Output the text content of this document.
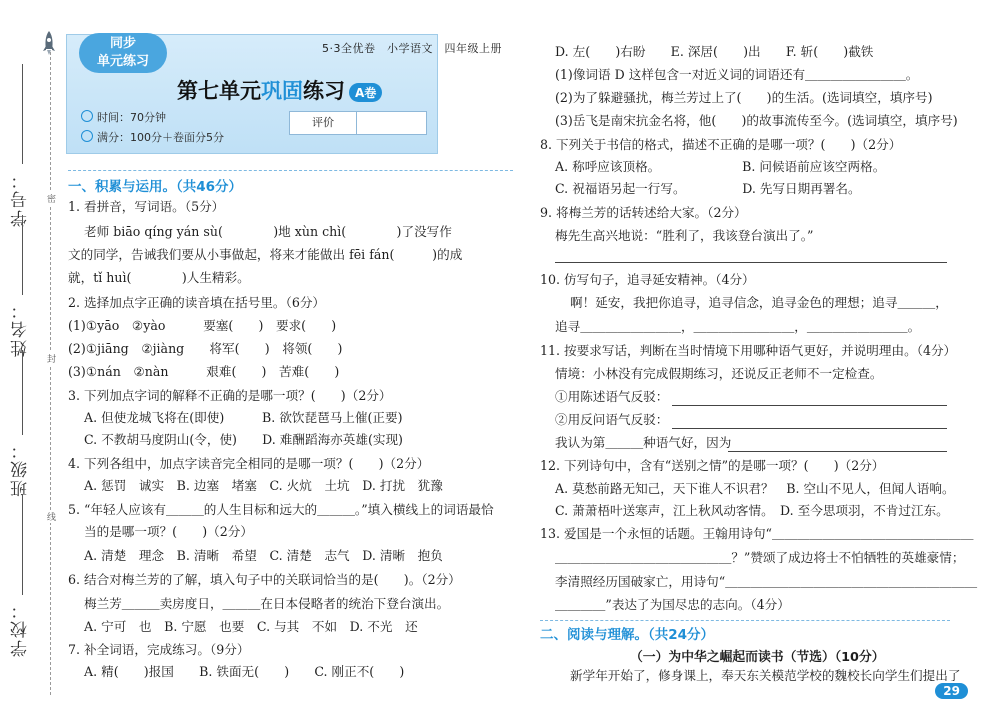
学号：
姓名：
班级：
学校：
密
封
线
同步
单元练习
第七单元巩固练习 A卷
时间：70分钟
满分：100分＋卷面分5分
评价
5·3全优卷　小学语文　四年级上册
一、积累与运用。（共46分）
1. 看拼音，写词语。（5分）
老师 biāo qíng yán sù(　　　　)地 xùn chì(　　　　)了没写作
文的同学，告诫我们要从小事做起，将来才能做出 fēi fán(　　　)的成
就，tǐ huì(　　　　)人生精彩。
2. 选择加点字正确的读音填在括号里。（6分）
(1)①yāo　②yào　　　要塞(　　)　要求(　　)
(2)①jiāng　②jiàng　　将军(　　)　将领(　　)
(3)①nán　②nàn　　　艰难(　　)　苦难(　　)
3. 下列加点字词的解释不正确的是哪一项？(　　)（2分）
A. 但使龙城飞将在(即使)　　　B. 欲饮琵琶马上催(正要)
C. 不教胡马度阴山(令，使)　　D. 难酬蹈海亦英雄(实现)
4. 下列各组中，加点字读音完全相同的是哪一项？(　　)（2分）
A. 惩罚　诚实　B. 边塞　堵塞　C. 火炕　土坑　D. 打扰　犹豫
5. “年轻人应该有＿＿＿的人生目标和远大的＿＿＿。”填入横线上的词语最恰
当的是哪一项？(　　)（2分）
A. 清楚　理念　B. 清晰　希望　C. 清楚　志气　D. 清晰　抱负
6. 结合对梅兰芳的了解，填入句子中的关联词恰当的是(　　)。（2分）
梅兰芳＿＿＿卖房度日，＿＿＿在日本侵略者的统治下登台演出。
A. 宁可　也　B. 宁愿　也要　C. 与其　不如　D. 不光　还
7. 补全词语，完成练习。（9分）
A. 精(　　)报国　　B. 铁面无(　　)　　C. 刚正不(　　)
D. 左(　　)右盼　　E. 深居(　　)出　　F. 斩(　　)截铁
(1)像词语 D 这样包含一对近义词的词语还有＿＿＿＿＿＿＿＿。
(2)为了躲避骚扰，梅兰芳过上了(　　)的生活。(选词填空，填序号)
(3)岳飞是南宋抗金名将，他(　　)的故事流传至今。(选词填空，填序号)
8. 下列关于书信的格式，描述不正确的是哪一项？(　　)（2分）
A. 称呼应该顶格。　　　　　　　B. 问候语前应该空两格。
C. 祝福语另起一行写。　　　　　D. 先写日期再署名。
9. 将梅兰芳的话转述给大家。（2分）
梅先生高兴地说：“胜利了，我该登台演出了。”
10. 仿写句子，追寻延安精神。（4分）
啊！延安，我把你追寻，追寻信念，追寻金色的理想；追寻＿＿＿，
追寻＿＿＿＿＿＿＿＿，＿＿＿＿＿＿＿＿，＿＿＿＿＿＿＿＿。
11. 按要求写话，判断在当时情境下用哪种语气更好，并说明理由。（4分）
情境：小林没有完成假期练习，还说反正老师不一定检查。
①用陈述语气反驳：
②用反问语气反驳：
我认为第＿＿＿种语气好，因为
12. 下列诗句中，含有“送别之情”的是哪一项？(　　)（2分）
A. 莫愁前路无知己，天下谁人不识君？　B. 空山不见人，但闻人语响。
C. 萧萧梧叶送寒声，江上秋风动客情。　D. 至今思项羽，不肯过江东。
13. 爱国是一个永恒的话题。王翰用诗句“＿＿＿＿＿＿＿＿＿＿＿＿＿＿＿＿
＿＿＿＿＿＿＿＿＿＿＿＿＿＿？”赞颂了成边将士不怕牺牲的英雄豪情；
李清照经历国破家亡，用诗句“＿＿＿＿＿＿＿＿＿＿＿＿＿＿＿＿＿＿＿＿
＿＿＿＿”表达了为国尽忠的志向。（4分）
二、阅读与理解。（共24分）
（一）为中华之崛起而读书（节选）（10分）
新学年开始了，修身课上，奉天东关模范学校的魏校长向学生们提出了
29
